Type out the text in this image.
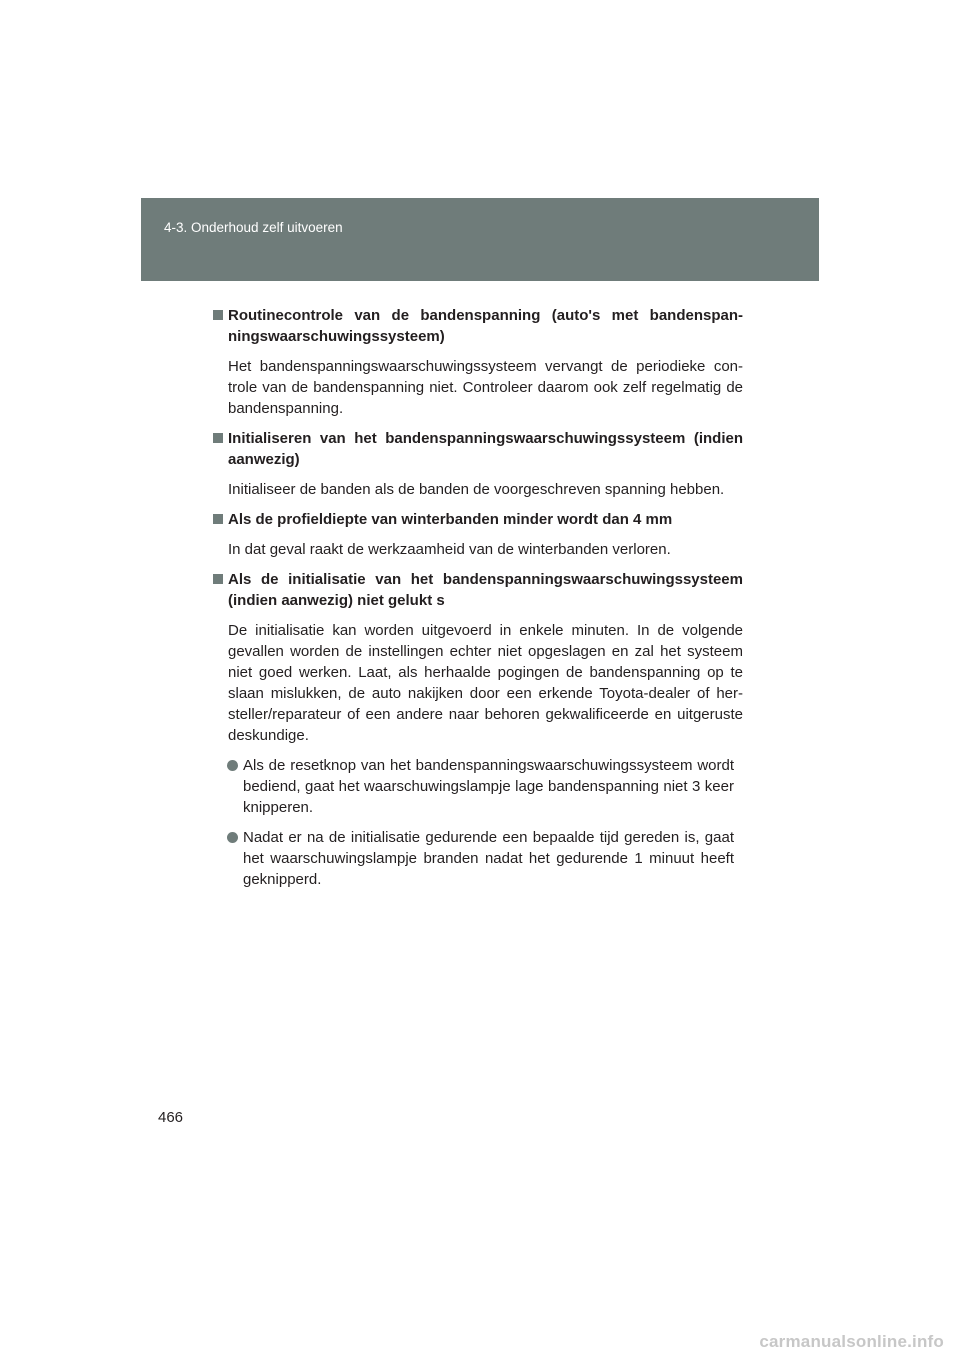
4-3. Onderhoud zelf uitvoeren
Routinecontrole van de bandenspanning (auto's met bandenspan-ningswaarschuwingssysteem)
Het bandenspanningswaarschuwingssysteem vervangt de periodieke con-trole van de bandenspanning niet. Controleer daarom ook zelf regelmatig de bandenspanning.
Initialiseren van het bandenspanningswaarschuwingssysteem (indien aanwezig)
Initialiseer de banden als de banden de voorgeschreven spanning hebben.
Als de profieldiepte van winterbanden minder wordt dan 4 mm
In dat geval raakt de werkzaamheid van de winterbanden verloren.
Als de initialisatie van het bandenspanningswaarschuwingssysteem (indien aanwezig) niet gelukt s
De initialisatie kan worden uitgevoerd in enkele minuten. In de volgende gevallen worden de instellingen echter niet opgeslagen en zal het systeem niet goed werken. Laat, als herhaalde pogingen de bandenspanning op te slaan mislukken, de auto nakijken door een erkende Toyota-dealer of her-steller/reparateur of een andere naar behoren gekwalificeerde en uitgeruste deskundige.
Als de resetknop van het bandenspanningswaarschuwingssysteem wordt bediend, gaat het waarschuwingslampje lage bandenspanning niet 3 keer knipperen.
Nadat er na de initialisatie gedurende een bepaalde tijd gereden is, gaat het waarschuwingslampje branden nadat het gedurende 1 minuut heeft geknipperd.
466
carmanualsonline.info
